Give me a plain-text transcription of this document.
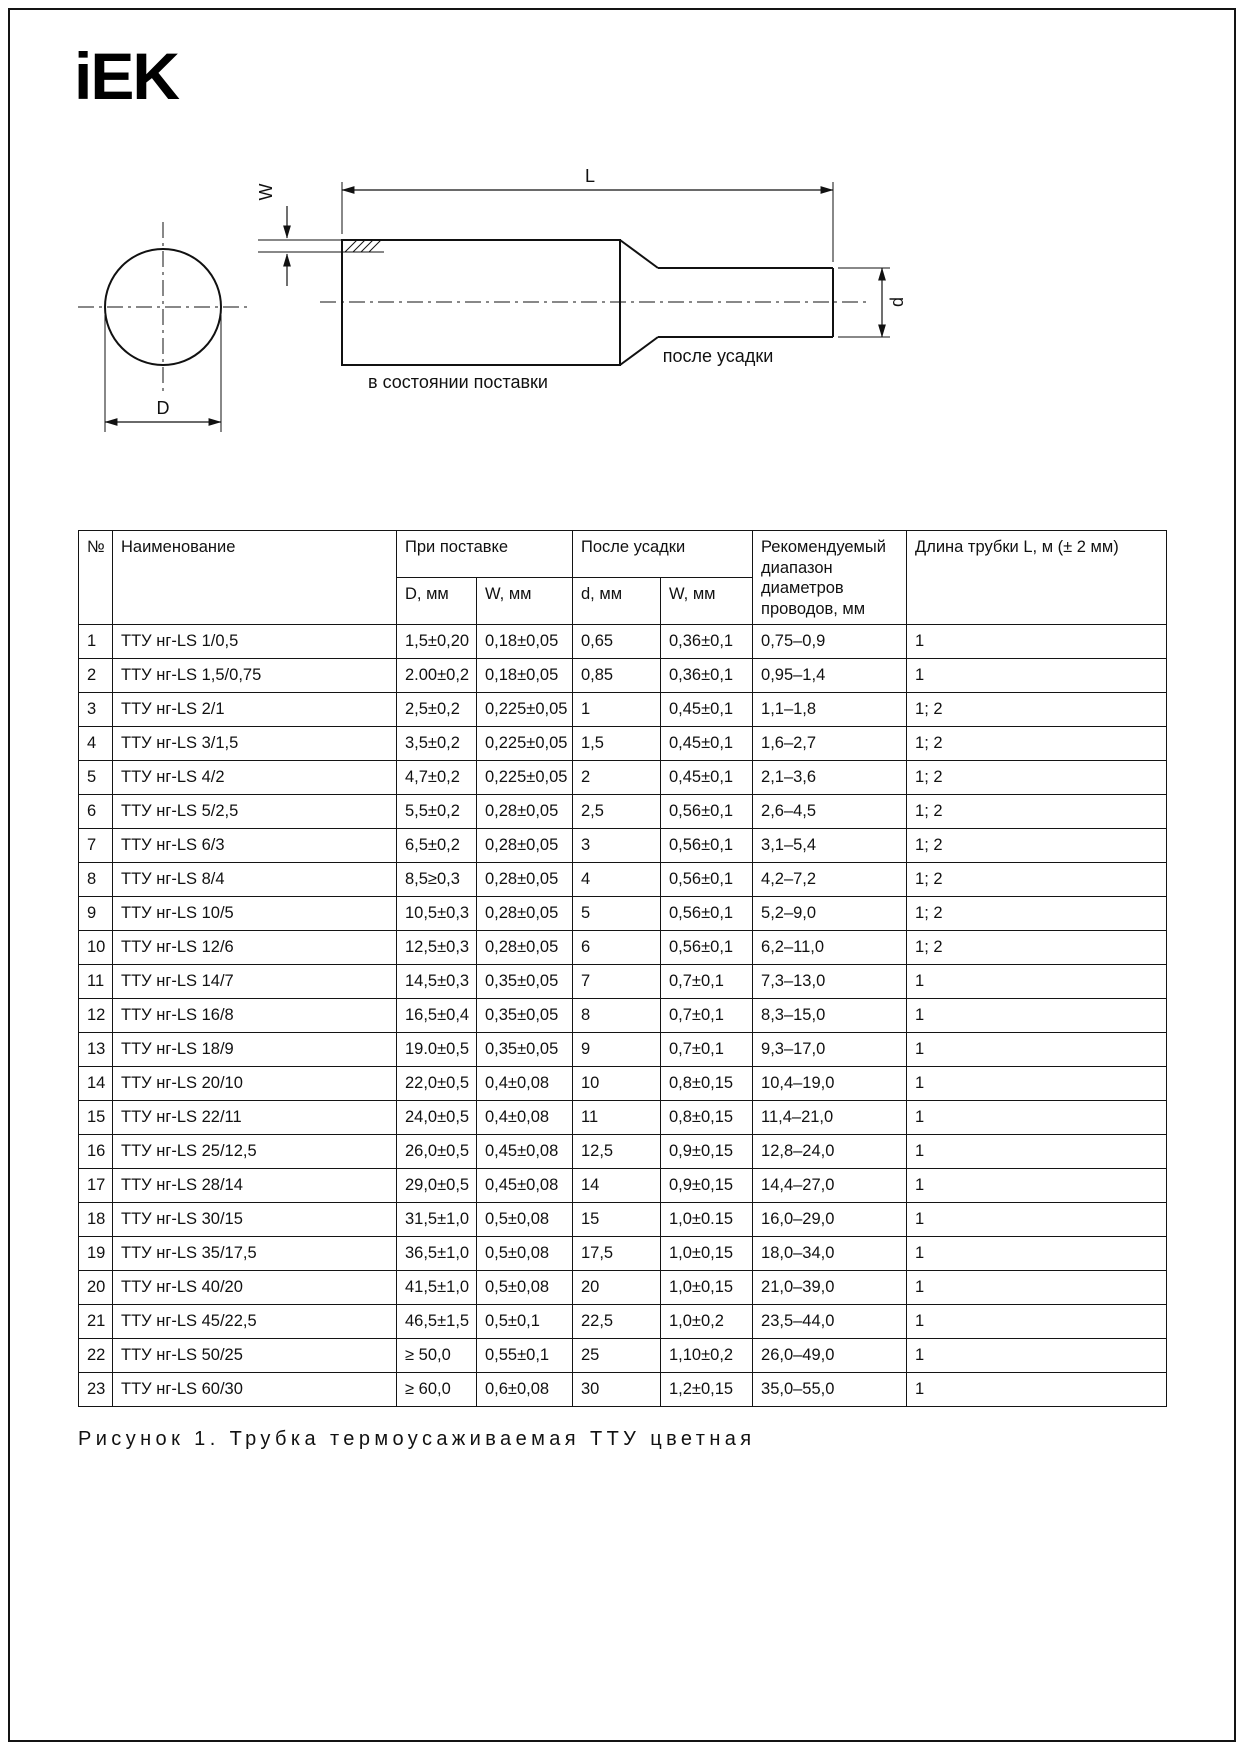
iEK
D
W
L
d
после усадки
в состоянии поставки
№	Наименование	При поставке		После усадки		Рекомендуемый диапазон диаметров проводов, мм	Длина трубки L, м (± 2 мм)
		D, мм	W, мм	d, мм	W, мм		
1	ТТУ нг-LS 1/0,5	1,5±0,20	0,18±0,05	0,65	0,36±0,1	0,75–0,9	1
2	ТТУ нг-LS 1,5/0,75	2.00±0,2	0,18±0,05	0,85	0,36±0,1	0,95–1,4	1
3	ТТУ нг-LS 2/1	2,5±0,2	0,225±0,05	1	0,45±0,1	1,1–1,8	1; 2
4	ТТУ нг-LS 3/1,5	3,5±0,2	0,225±0,05	1,5	0,45±0,1	1,6–2,7	1; 2
5	ТТУ нг-LS 4/2	4,7±0,2	0,225±0,05	2	0,45±0,1	2,1–3,6	1; 2
6	ТТУ нг-LS 5/2,5	5,5±0,2	0,28±0,05	2,5	0,56±0,1	2,6–4,5	1; 2
7	ТТУ нг-LS 6/3	6,5±0,2	0,28±0,05	3	0,56±0,1	3,1–5,4	1; 2
8	ТТУ нг-LS 8/4	8,5≥0,3	0,28±0,05	4	0,56±0,1	4,2–7,2	1; 2
9	ТТУ нг-LS 10/5	10,5±0,3	0,28±0,05	5	0,56±0,1	5,2–9,0	1; 2
10	ТТУ нг-LS 12/6	12,5±0,3	0,28±0,05	6	0,56±0,1	6,2–11,0	1; 2
11	ТТУ нг-LS 14/7	14,5±0,3	0,35±0,05	7	0,7±0,1	7,3–13,0	1
12	ТТУ нг-LS 16/8	16,5±0,4	0,35±0,05	8	0,7±0,1	8,3–15,0	1
13	ТТУ нг-LS 18/9	19.0±0,5	0,35±0,05	9	0,7±0,1	9,3–17,0	1
14	ТТУ нг-LS 20/10	22,0±0,5	0,4±0,08	10	0,8±0,15	10,4–19,0	1
15	ТТУ нг-LS 22/11	24,0±0,5	0,4±0,08	11	0,8±0,15	11,4–21,0	1
16	ТТУ нг-LS 25/12,5	26,0±0,5	0,45±0,08	12,5	0,9±0,15	12,8–24,0	1
17	ТТУ нг-LS 28/14	29,0±0,5	0,45±0,08	14	0,9±0,15	14,4–27,0	1
18	ТТУ нг-LS 30/15	31,5±1,0	0,5±0,08	15	1,0±0.15	16,0–29,0	1
19	ТТУ нг-LS 35/17,5	36,5±1,0	0,5±0,08	17,5	1,0±0,15	18,0–34,0	1
20	ТТУ нг-LS 40/20	41,5±1,0	0,5±0,08	20	1,0±0,15	21,0–39,0	1
21	ТТУ нг-LS 45/22,5	46,5±1,5	0,5±0,1	22,5	1,0±0,2	23,5–44,0	1
22	ТТУ нг-LS 50/25	≥ 50,0	0,55±0,1	25	1,10±0,2	26,0–49,0	1
23	ТТУ нг-LS 60/30	≥ 60,0	0,6±0,08	30	1,2±0,15	35,0–55,0	1
Рисунок 1. Трубка термоусаживаемая ТТУ цветная
